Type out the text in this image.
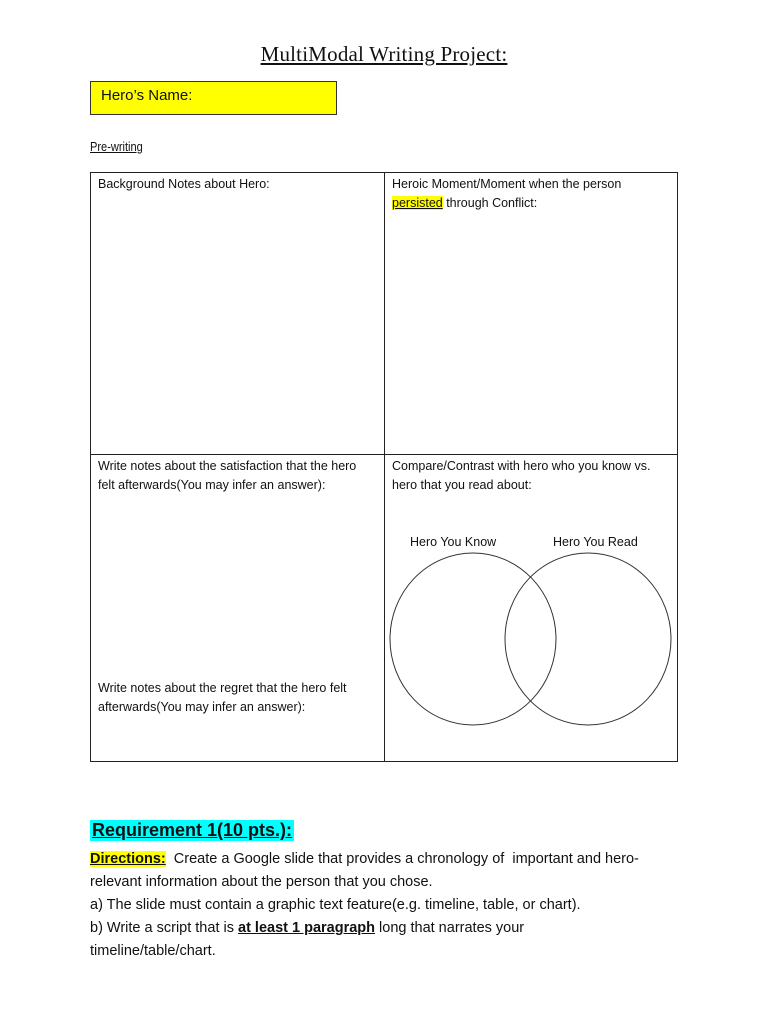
MultiModal Writing Project:
Hero’s Name:
Pre-writing
Background Notes about Hero:	Heroic Moment/Moment when the person
persisted through Conflict:
Write notes about the satisfaction that the hero
felt afterwards(You may infer an answer):
Write notes about the regret that the hero felt
afterwards(You may infer an answer):
Compare/Contrast with hero who you know vs.
hero that you read about:
Hero You Know	Hero You Read
Requirement 1(10 pts.):
Directions:  Create a Google slide that provides a chronology of  important and hero-
relevant information about the person that you chose.
a) The slide must contain a graphic text feature(e.g. timeline, table, or chart).
b) Write a script that is at least 1 paragraph long that narrates your
timeline/table/chart.
